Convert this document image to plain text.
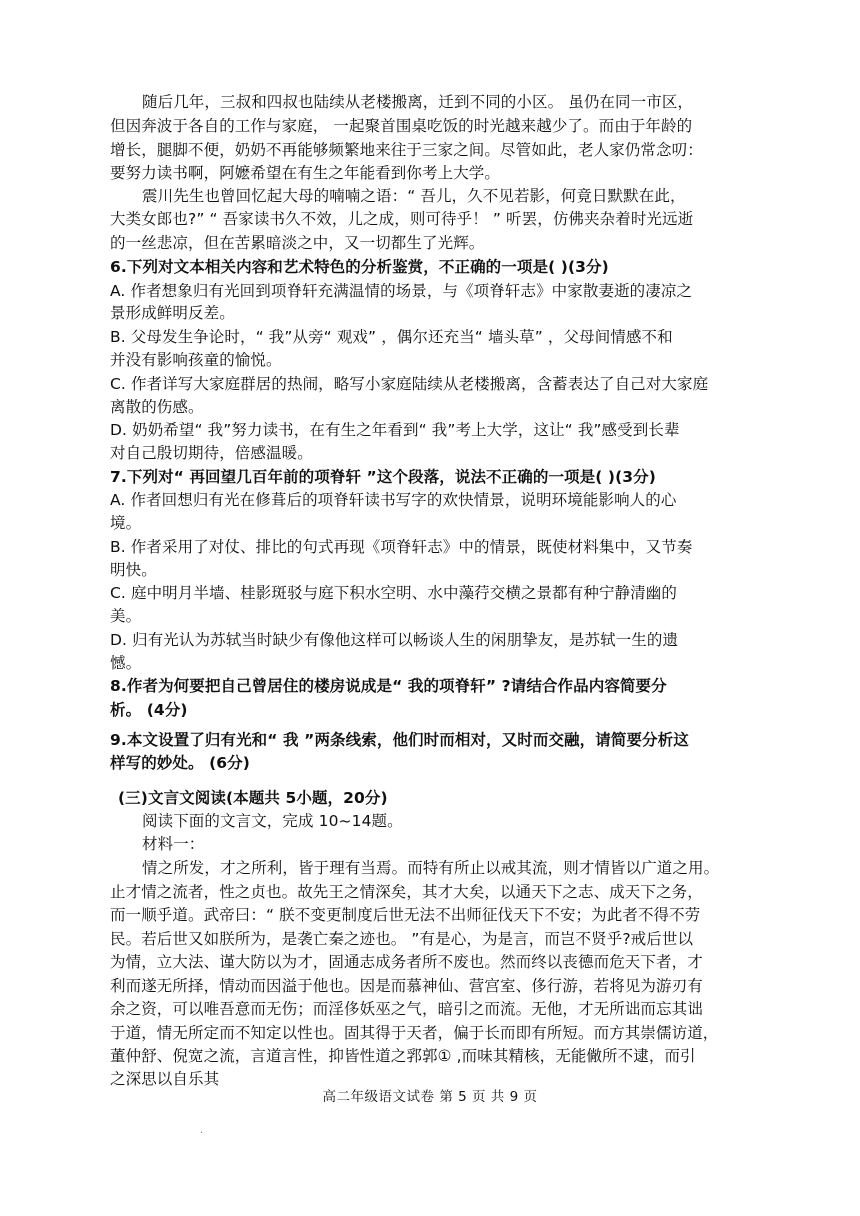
随后几年，三叔和四叔也陆续从老楼搬离，迁到不同的小区。 虽仍在同一市区，
但因奔波于各自的工作与家庭， 一起聚首围桌吃饭的时光越来越少了。而由于年龄的
增长，腿脚不便，奶奶不再能够频繁地来往于三家之间。尽管如此，老人家仍常念叨：
要努力读书啊，阿嬷希望在有生之年能看到你考上大学。
震川先生也曾回忆起大母的喃喃之语：“ 吾儿，久不见若影，何竟日默默在此，
大类女郎也?” “ 吾家读书久不效，儿之成，则可待乎！ ” 听罢，仿佛夹杂着时光远逝
的一丝悲凉，但在苦累暗淡之中，又一切都生了光辉。
6.下列对文本相关内容和艺术特色的分析鉴赏，不正确的一项是( )(3分)
A. 作者想象归有光回到项脊轩充满温情的场景，与《项脊轩志》中家散妻逝的凄凉之
景形成鲜明反差。
B. 父母发生争论时，“ 我”从旁“ 观戏” ，偶尔还充当“ 墙头草” ，父母间情感不和
并没有影响孩童的愉悦。
C. 作者详写大家庭群居的热闹，略写小家庭陆续从老楼搬离，含蓄表达了自己对大家庭
离散的伤感。
D. 奶奶希望“ 我”努力读书，在有生之年看到“ 我”考上大学，这让“ 我”感受到长辈
对自己殷切期待，倍感温暖。
7.下列对“ 再回望几百年前的项脊轩 ”这个段落，说法不正确的一项是( )(3分)
A. 作者回想归有光在修葺后的项脊轩读书写字的欢快情景，说明环境能影响人的心
境。
B. 作者采用了对仗、排比的句式再现《项脊轩志》中的情景，既使材料集中，又节奏
明快。
C. 庭中明月半墙、桂影斑驳与庭下积水空明、水中藻荇交横之景都有种宁静清幽的
美。
D. 归有光认为苏轼当时缺少有像他这样可以畅谈人生的闲朋挚友，是苏轼一生的遗
憾。
8.作者为何要把自己曾居住的楼房说成是“ 我的项脊轩” ?请结合作品内容简要分
析。 (4分)
9.本文设置了归有光和“ 我 ”两条线索，他们时而相对，又时而交融，请简要分析这
样写的妙处。 (6分)
(三)文言文阅读(本题共 5小题，20分)
阅读下面的文言文，完成 10~14题。
材料一：
情之所发，才之所利，皆于理有当焉。而特有所止以戒其流，则才情皆以广道之用。
止才情之流者，性之贞也。故先王之情深矣，其才大矣，以通天下之志、成天下之务，
而一顺乎道。武帝曰：“ 朕不变更制度后世无法不出师征伐天下不安；为此者不得不劳
民。若后世又如朕所为，是袭亡秦之迹也。 ”有是心，为是言，而岂不贤乎?戒后世以
为情，立大法、谨大防以为才，固通志成务者所不废也。然而终以丧德而危天下者，才
利而遂无所择，情动而因溢于他也。因是而慕神仙、营宫室、侈行游，若将见为游刃有
余之资，可以唯吾意而无伤；而淫侈妖巫之气，暗引之而流。无他，才无所诎而忘其诎
于道，情无所定而不知定以性也。固其得于天者，偏于长而即有所短。而方其崇儒访道，
董仲舒、倪宽之流，言道言性，抑皆性道之郛郭① ,而味其精核，无能僘所不逮，而引
之深思以自乐其
高二年级语文试卷 第 5 页 共 9 页
.
